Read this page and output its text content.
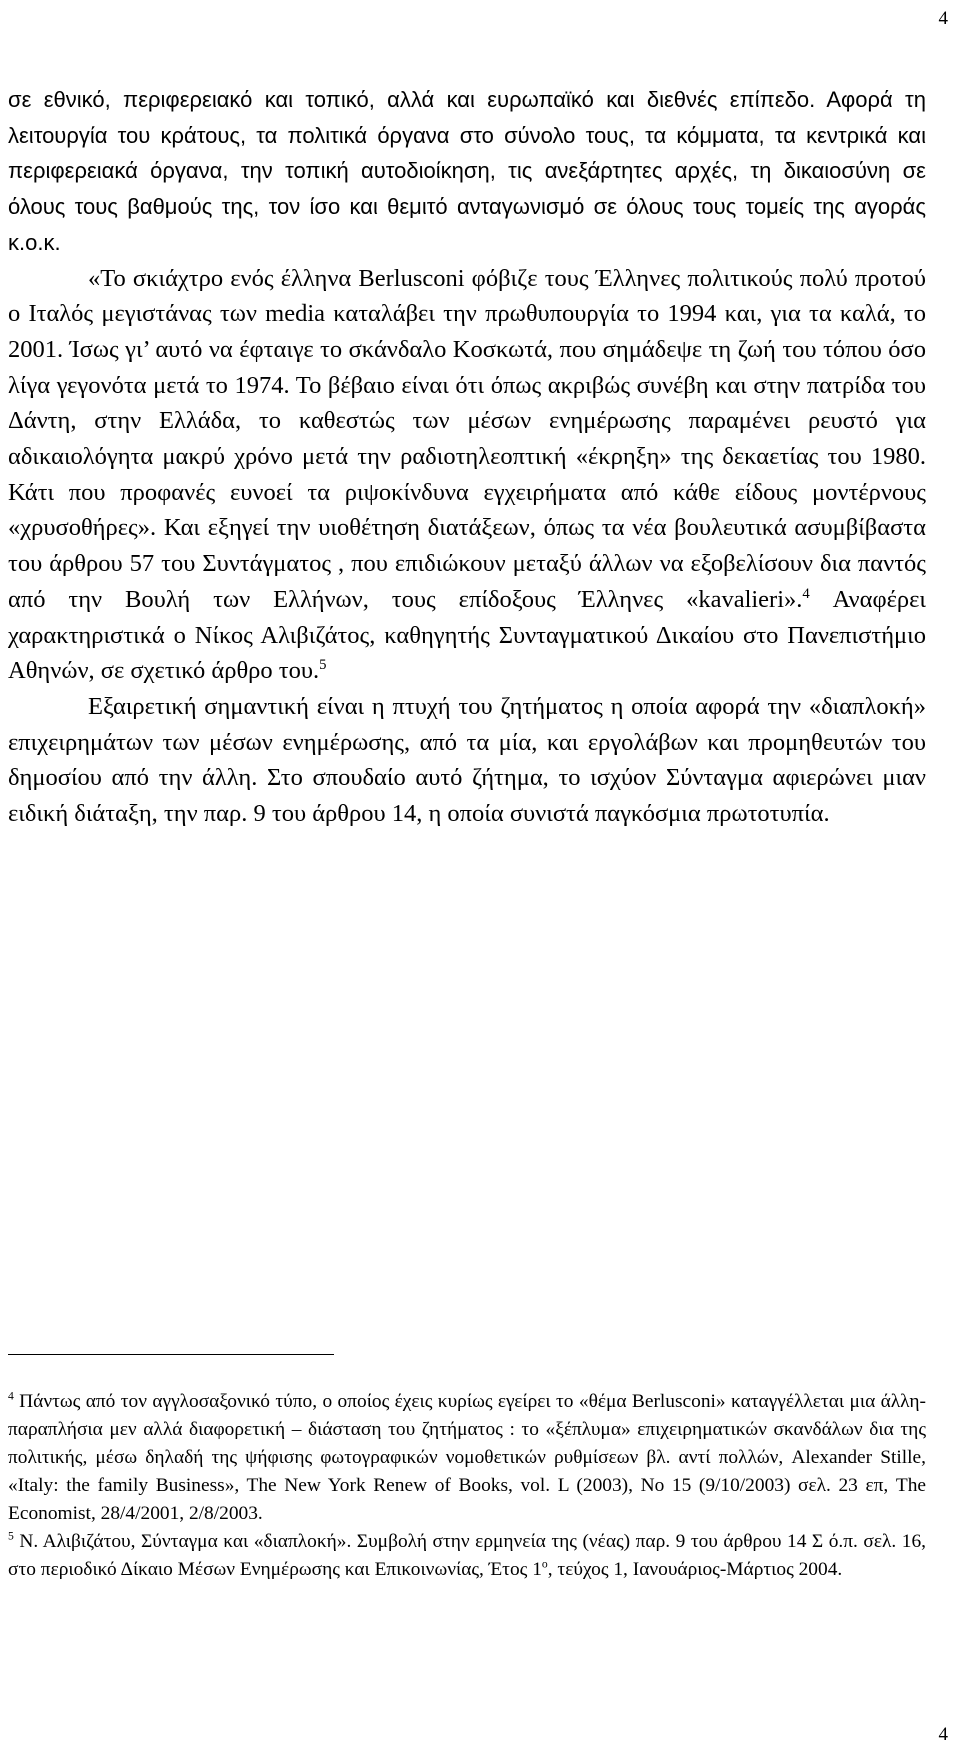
4

σε εθνικό, περιφερειακό και τοπικό, αλλά και ευρωπαϊκό και διεθνές επίπεδο. Αφορά τη λειτουργία του κράτους, τα πολιτικά όργανα στο σύνολο τους, τα κόμματα, τα κεντρικά και περιφερειακά όργανα, την τοπική αυτοδιοίκηση, τις ανεξάρτητες αρχές, τη δικαιοσύνη σε όλους τους βαθμούς της, τον ίσο και θεμιτό ανταγωνισμό σε όλους τους τομείς της αγοράς κ.ο.κ.

«Το σκιάχτρο ενός έλληνα Berlusconi φόβιζε τους Έλληνες πολιτικούς πολύ προτού ο Ιταλός μεγιστάνας των media καταλάβει την πρωθυπουργία το 1994 και, για τα καλά, το 2001. Ίσως γι’ αυτό να έφταιγε το σκάνδαλο Κοσκωτά, που σημάδεψε τη ζωή του τόπου όσο λίγα γεγονότα μετά το 1974. Το βέβαιο είναι ότι όπως ακριβώς συνέβη και στην πατρίδα του Δάντη, στην Ελλάδα, το καθεστώς των μέσων ενημέρωσης παραμένει ρευστό για αδικαιολόγητα μακρύ χρόνο μετά την ραδιοτηλεοπτική «έκρηξη» της δεκαετίας του 1980. Κάτι που προφανές ευνοεί τα ριψοκίνδυνα εγχειρήματα από κάθε είδους μοντέρνους «χρυσοθήρες». Και εξηγεί την υιοθέτηση διατάξεων, όπως τα νέα βουλευτικά ασυμβίβαστα του άρθρου 57 του Συντάγματος , που επιδιώκουν μεταξύ άλλων να εξοβελίσουν δια παντός από την Βουλή των Ελλήνων, τους επίδοξους Έλληνες «kavalieri».$^4$ Αναφέρει χαρακτηριστικά ο Νίκος Αλιβιζάτος, καθηγητής Συνταγματικού Δικαίου στο Πανεπιστήμιο Αθηνών, σε σχετικό άρθρο του.$^5$

Εξαιρετική σημαντική είναι η πτυχή του ζητήματος η οποία αφορά την «διαπλοκή» επιχειρημάτων των μέσων ενημέρωσης, από τα μία, και εργολάβων και προμηθευτών του δημοσίου από την άλλη. Στο σπουδαίο αυτό ζήτημα, το ισχύον Σύνταγμα αφιερώνει μιαν ειδική διάταξη, την παρ. 9 του άρθρου 14, η οποία συνιστά παγκόσμια πρωτοτυπία.

$^4$ Πάντως από τον αγγλοσαξονικό τύπο, ο οποίος έχεις κυρίως εγείρει το «θέμα Berlusconi» καταγγέλλεται μια άλλη-παραπλήσια μεν αλλά διαφορετική – διάσταση του ζητήματος : το «ξέπλυμα» επιχειρηματικών σκανδάλων δια της πολιτικής, μέσω δηλαδή της ψήφισης φωτογραφικών νομοθετικών ρυθμίσεων βλ. αντί πολλών, Alexander Stille, «Italy: the family Business», The New York Renew of Books, vol. L (2003), No 15 (9/10/2003) σελ. 23 επ, The Economist, 28/4/2001, 2/8/2003.

$^5$ Ν. Αλιβιζάτου, Σύνταγμα και «διαπλοκή». Συμβολή στην ερμηνεία της (νέας) παρ. 9 του άρθρου 14 Σ ό.π. σελ. 16, στο περιοδικό Δίκαιο Μέσων Ενημέρωσης και Επικοινωνίας, Έτος $1^o$, τεύχος 1, Ιανουάριος-Μάρτιος 2004.

4
